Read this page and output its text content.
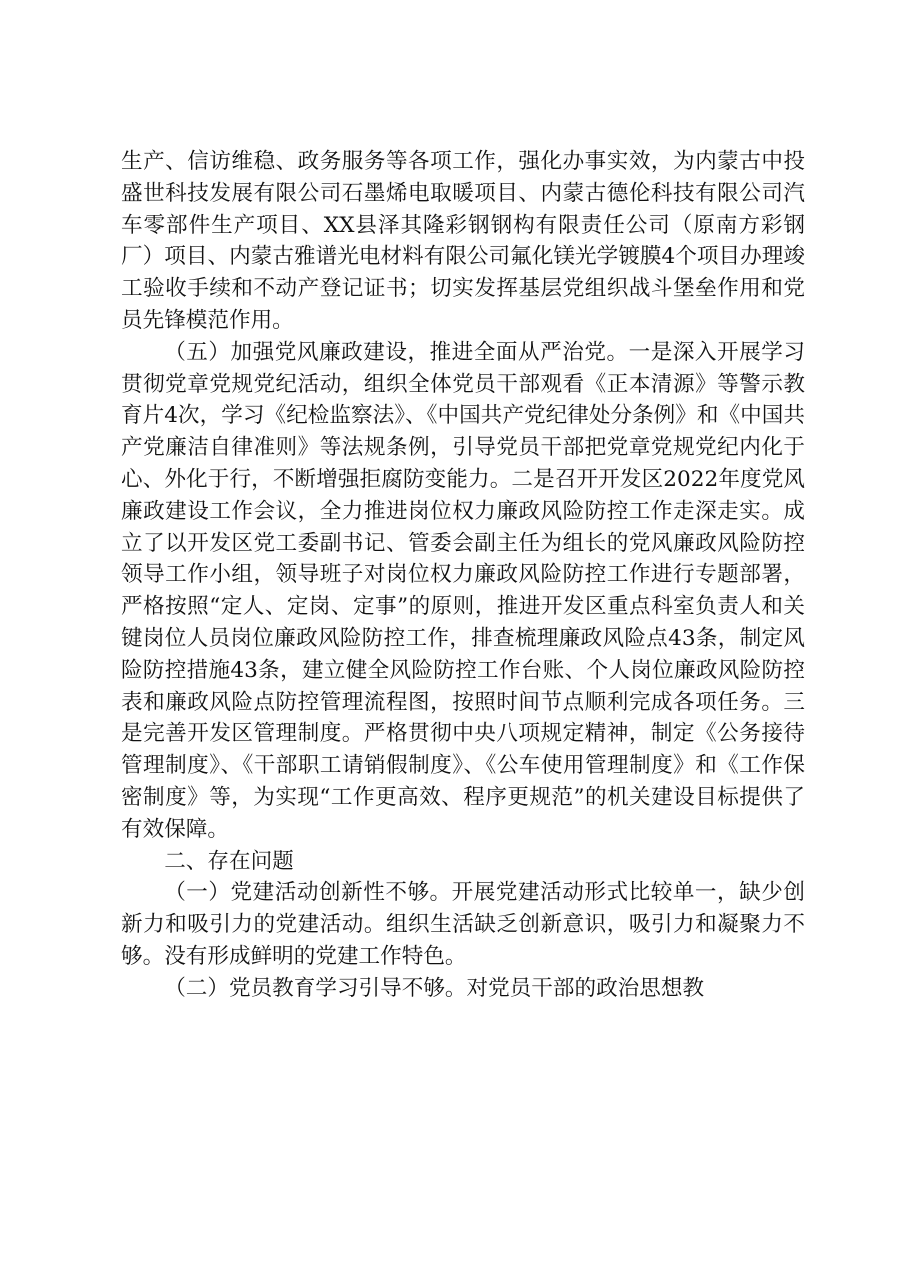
生产、信访维稳、政务服务等各项工作，强化办事实效，为内蒙古中投盛世科技发展有限公司石墨烯电取暖项目、内蒙古德伦科技有限公司汽车零部件生产项目、XX县泽其隆彩钢钢构有限责任公司（原南方彩钢厂）项目、内蒙古雅谱光电材料有限公司氟化镁光学镀膜4个项目办理竣工验收手续和不动产登记证书；切实发挥基层党组织战斗堡垒作用和党员先锋模范作用。

（五）加强党风廉政建设，推进全面从严治党。一是深入开展学习贯彻党章党规党纪活动，组织全体党员干部观看《正本清源》等警示教育片4次，学习《纪检监察法》、《中国共产党纪律处分条例》和《中国共产党廉洁自律准则》等法规条例，引导党员干部把党章党规党纪内化于心、外化于行，不断增强拒腐防变能力。二是召开开发区2022年度党风廉政建设工作会议，全力推进岗位权力廉政风险防控工作走深走实。成立了以开发区党工委副书记、管委会副主任为组长的党风廉政风险防控领导工作小组，领导班子对岗位权力廉政风险防控工作进行专题部署，严格按照“定人、定岗、定事”的原则，推进开发区重点科室负责人和关键岗位人员岗位廉政风险防控工作，排查梳理廉政风险点43条，制定风险防控措施43条，建立健全风险防控工作台账、个人岗位廉政风险防控表和廉政风险点防控管理流程图，按照时间节点顺利完成各项任务。三是完善开发区管理制度。严格贯彻中央八项规定精神，制定《公务接待管理制度》、《干部职工请销假制度》、《公车使用管理制度》和《工作保密制度》等，为实现“工作更高效、程序更规范”的机关建设目标提供了有效保障。

二、存在问题

（一）党建活动创新性不够。开展党建活动形式比较单一，缺少创新力和吸引力的党建活动。组织生活缺乏创新意识，吸引力和凝聚力不够。没有形成鲜明的党建工作特色。

（二）党员教育学习引导不够。对党员干部的政治思想教
